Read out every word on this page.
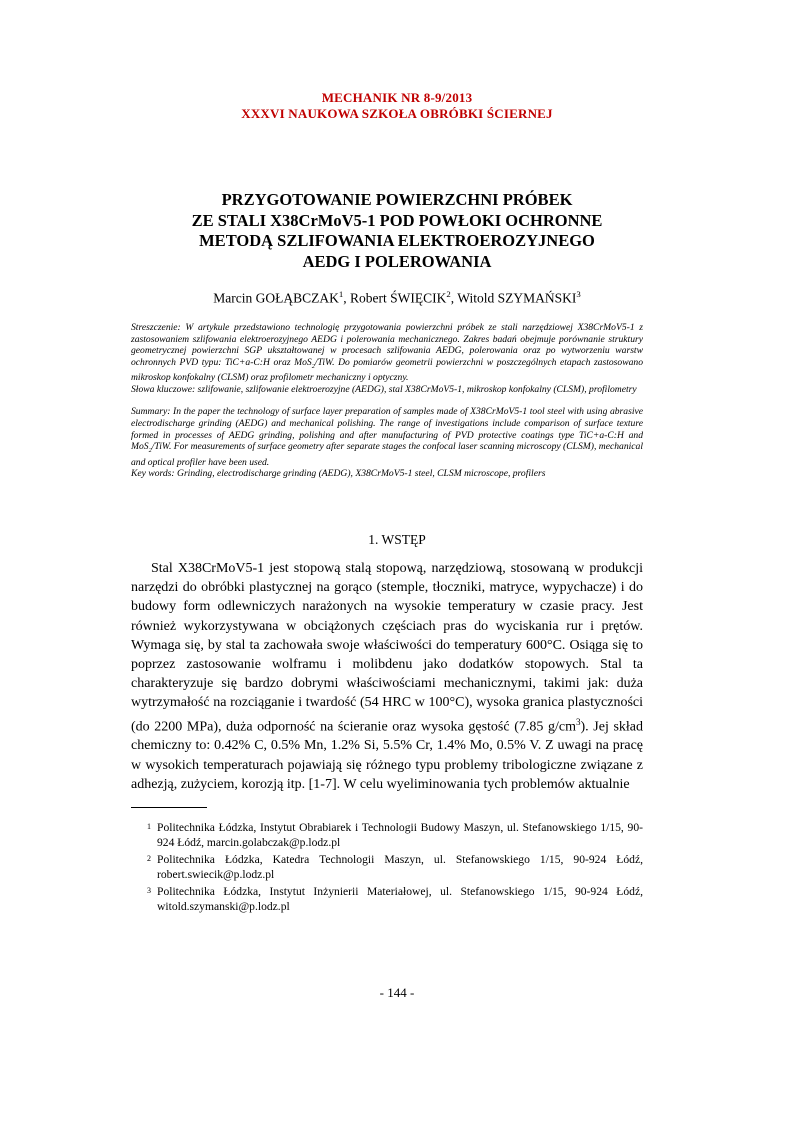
MECHANIK NR 8-9/2013
XXXVI NAUKOWA SZKOŁA OBRÓBKI ŚCIERNEJ
PRZYGOTOWANIE POWIERZCHNI PRÓBEK
ZE STALI X38CrMoV5-1 POD POWŁOKI OCHRONNE
METODĄ SZLIFOWANIA ELEKTROEROZYJNEGO
AEDG I POLEROWANIA
Marcin GOŁĄBCZAK$^1$, Robert ŚWIĘCIK$^2$, Witold SZYMAŃSKI$^3$

Streszczenie: W artykule przedstawiono technologię przygotowania powierzchni próbek ze stali narzędziowej X38CrMoV5-1 z zastosowaniem szlifowania elektroerozyjnego AEDG i polerowania mechanicznego. Zakres badań obejmuje porównanie struktury geometrycznej powierzchni SGP ukształtowanej w procesach szlifowania AEDG, polerowania oraz po wytworzeniu warstw ochronnych PVD typu: TiC+a-C:H oraz MoS$_2$/TiW. Do pomiarów geometrii powierzchni w poszczególnych etapach zastosowano mikroskop konfokalny (CLSM) oraz profilometr mechaniczny i optyczny.

Słowa kluczowe: szlifowanie, szlifowanie elektroerozyjne (AEDG), stal X38CrMoV5-1, mikroskop konfokalny (CLSM), profilometry

Summary: In the paper the technology of surface layer preparation of samples made of X38CrMoV5-1 tool steel with using abrasive electrodischarge grinding (AEDG) and mechanical polishing. The range of investigations include comparison of surface texture formed in processes of AEDG grinding, polishing and after manufacturing of PVD protective coatings type TiC+a-C:H and MoS$_2$/TiW. For measurements of surface geometry after separate stages the confocal laser scanning microscopy (CLSM), mechanical and optical profiler have been used.

Key words: Grinding, electrodischarge grinding (AEDG), X38CrMoV5-1 steel, CLSM microscope, profilers

1. WSTĘP

Stal X38CrMoV5-1 jest stopową stalą stopową, narzędziową, stosowaną w produkcji narzędzi do obróbki plastycznej na gorąco (stemple, tłoczniki, matryce, wypychacze) i do budowy form odlewniczych narażonych na wysokie temperatury w czasie pracy. Jest również wykorzystywana w obciążonych częściach pras do wyciskania rur i prętów. Wymaga się, by stal ta zachowała swoje właściwości do temperatury 600°C. Osiąga się to poprzez zastosowanie wolframu i molibdenu jako dodatków stopowych. Stal ta charakteryzuje się bardzo dobrymi właściwościami mechanicznymi, takimi jak: duża wytrzymałość na rozciąganie i twardość (54 HRC w 100°C), wysoka granica plastyczności (do 2200 MPa), duża odporność na ścieranie oraz wysoka gęstość (7.85 $g/cm^3$). Jej skład chemiczny to: 0.42% C, 0.5% Mn, 1.2% Si, 5.5% Cr, 1.4% Mo, 0.5% V. Z uwagi na pracę w wysokich temperaturach pojawiają się różnego typu problemy tribologiczne związane z adhezją, zużyciem, korozją itp. [1-7]. W celu wyeliminowania tych problemów aktualnie

1 Politechnika Łódzka, Instytut Obrabiarek i Technologii Budowy Maszyn, ul. Stefanowskiego 1/15, 90-924 Łódź, marcin.golabczak@p.lodz.pl
2 Politechnika Łódzka, Katedra Technologii Maszyn, ul. Stefanowskiego 1/15, 90-924 Łódź, robert.swiecik@p.lodz.pl
3 Politechnika Łódzka, Instytut Inżynierii Materiałowej, ul. Stefanowskiego 1/15, 90-924 Łódź, witold.szymanski@p.lodz.pl
- 144 -
